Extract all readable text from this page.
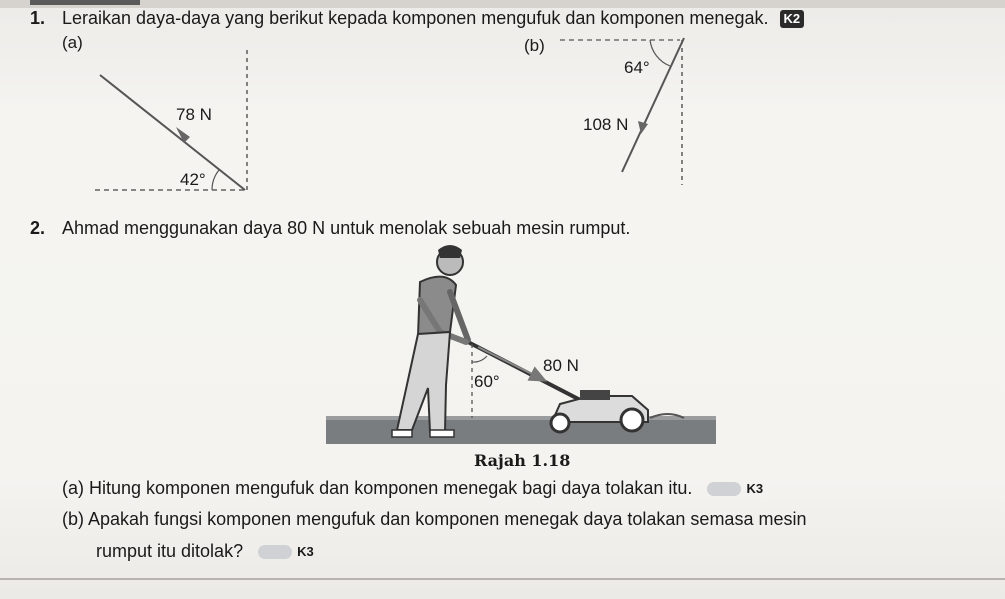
1. Leraikan daya-daya yang berikut kepada komponen mengufuk dan komponen menegak. K2
(a)	(b)
78 N
42°
64°
108 N
2. Ahmad menggunakan daya 80 N untuk menolak sebuah mesin rumput.
80 N
60°
Rajah 1.18
(a) Hitung komponen mengufuk dan komponen menegak bagi daya tolakan itu.	K3
(b) Apakah fungsi komponen mengufuk dan komponen menegak daya tolakan semasa mesin
rumput itu ditolak?	K3
